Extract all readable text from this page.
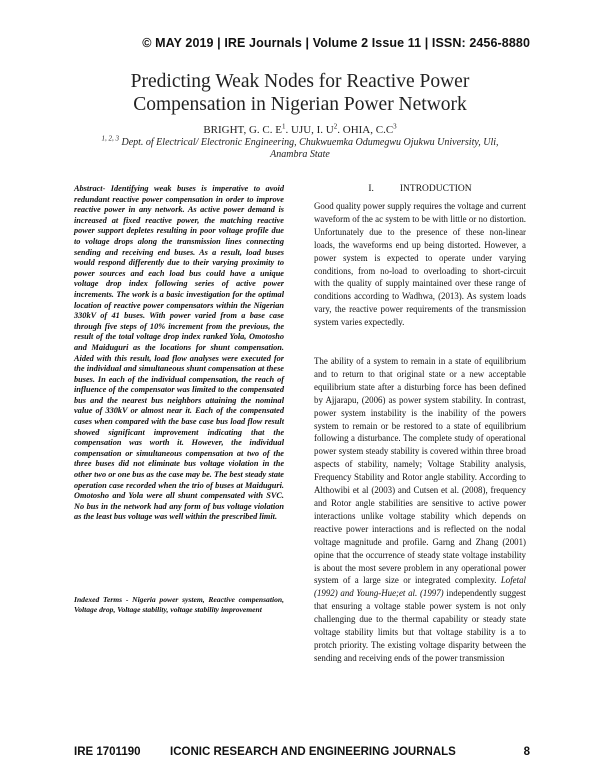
© MAY 2019 | IRE Journals | Volume 2 Issue 11 | ISSN: 2456-8880
Predicting Weak Nodes for Reactive Power
Compensation in Nigerian Power Network
BRIGHT, G. C. $E^1$. UJU, I. $U^2$. OHIA, $C.C^3$
$^{1, 2, 3}$ Dept. of Electrical/ Electronic Engineering, Chukwuemka Odumegwu Ojukwu University, Uli,
Anambra State
Abstract- Identifying weak buses is imperative to avoid redundant reactive power compensation in order to improve reactive power in any network. As active power demand is increased at fixed reactive power, the matching reactive power support depletes resulting in poor voltage profile due to voltage drops along the transmission lines connecting sending and receiving end buses. As a result, load buses would respond differently due to their varying proximity to power sources and each load bus could have a unique voltage drop index following series of active power increments. The work is a basic investigation for the optimal location of reactive power compensators within the Nigerian 330kV of 41 buses. With power varied from a base case through five steps of 10% increment from the previous, the result of the total voltage drop index ranked Yola, Omotosho and Maiduguri as the locations for shunt compensation. Aided with this result, load flow analyses were executed for the individual and simultaneous shunt compensation at these buses. In each of the individual compensation, the reach of influence of the compensator was limited to the compensated bus and the nearest bus neighbors attaining the nominal value of 330kV or almost near it. Each of the compensated cases when compared with the base case bus load flow result showed significant improvement indicating that the compensation was worth it. However, the individual compensation or simultaneous compensation at two of the three buses did not eliminate bus voltage violation in the other two or one bus as the case may be. The best steady state operation case recorded when the trio of buses at Maiduguri. Omotosho and Yola were all shunt compensated with SVC. No bus in the network had any form of bus voltage violation as the least bus voltage was well within the prescribed limit.
Indexed Terms - Nigeria power system, Reactive compensation, Voltage drop, Voltage stability, voltage stability improvement
I.	INTRODUCTION
Good quality power supply requires the voltage and current waveform of the ac system to be with little or no distortion. Unfortunately due to the presence of these non-linear loads, the waveforms end up being distorted. However, a power system is expected to operate under varying conditions, from no-load to overloading to short-circuit with the quality of supply maintained over these range of conditions according to Wadhwa, (2013). As system loads vary, the reactive power requirements of the transmission system varies expectedly.
The ability of a system to remain in a state of equilibrium and to return to that original state or a new acceptable equilibrium state after a disturbing force has been defined by Ajjarapu, (2006) as power system stability. In contrast, power system instability is the inability of the powers system to remain or be restored to a state of equilibrium following a disturbance. The complete study of operational power system steady stability is covered within three broad aspects of stability, namely; Voltage Stability analysis, Frequency Stability and Rotor angle stability. According to Althowibi et al (2003) and Cutsen et al. (2008), frequency and Rotor angle stabilities are sensitive to active power interactions unlike voltage stability which depends on reactive power interactions and is reflected on the nodal voltage magnitude and profile. Garng and Zhang (2001) opine that the occurrence of steady state voltage instability is about the most severe problem in any operational power system of a large size or integrated complexity. Lofetal (1992) and Young-Hue;et al. (1997) independently suggest that ensuring a voltage stable power system is not only challenging due to the thermal capability or steady state voltage stability limits but that voltage stability is a to protch priority. The existing voltage disparity between the sending and receiving ends of the power transmission
IRE 1701190	ICONIC RESEARCH AND ENGINEERING JOURNALS	8
